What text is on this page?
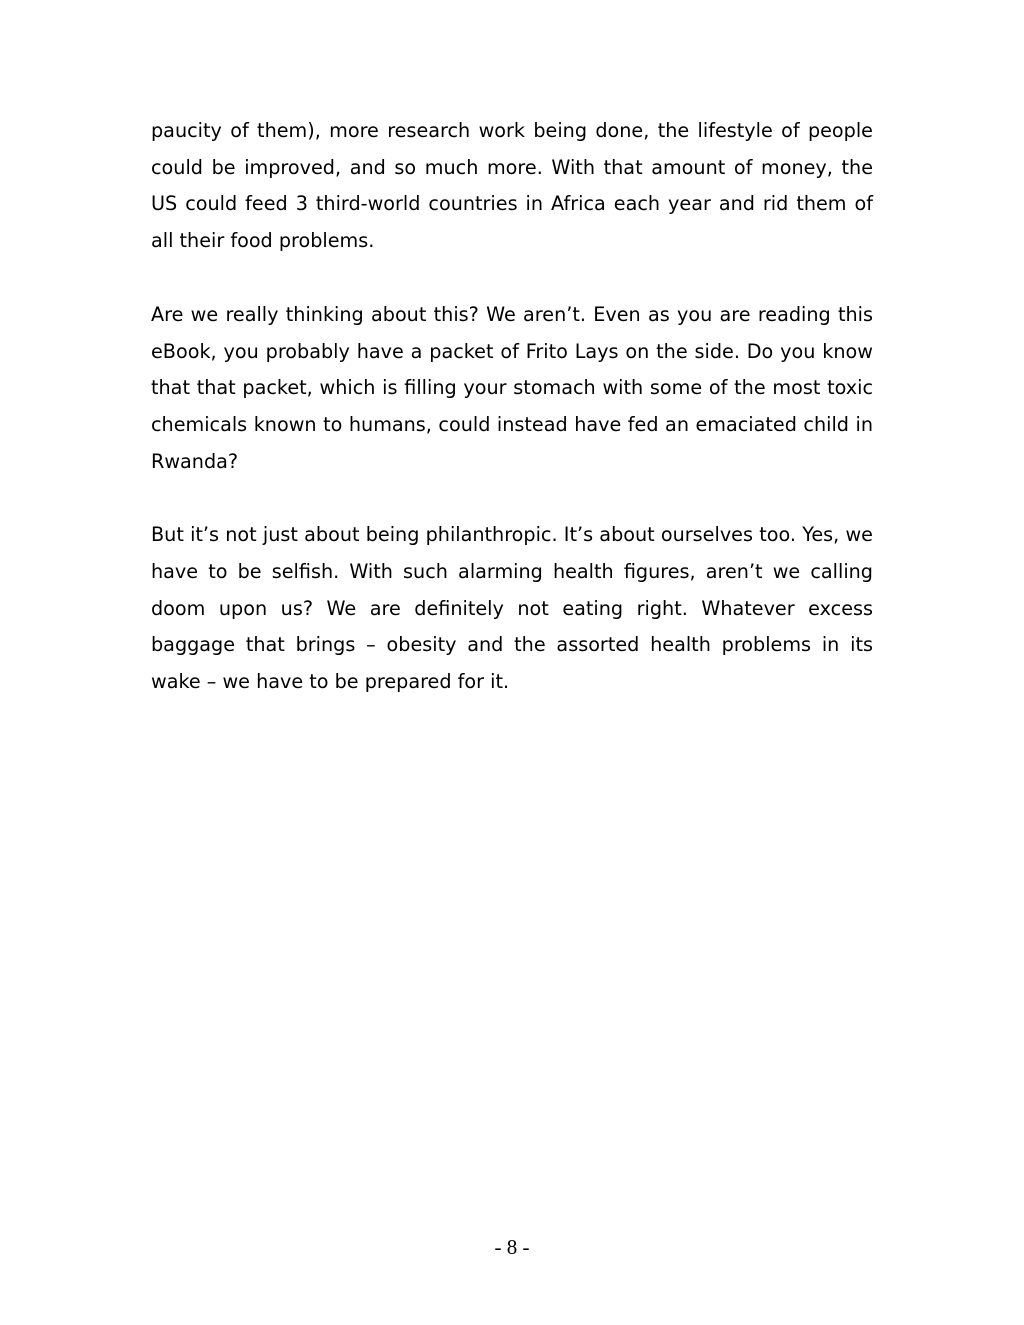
paucity of them), more research work being done, the lifestyle of people could be improved, and so much more. With that amount of money, the US could feed 3 third-world countries in Africa each year and rid them of all their food problems.

Are we really thinking about this? We aren’t. Even as you are reading this eBook, you probably have a packet of Frito Lays on the side. Do you know that that packet, which is filling your stomach with some of the most toxic chemicals known to humans, could instead have fed an emaciated child in Rwanda?

But it’s not just about being philanthropic. It’s about ourselves too. Yes, we have to be selfish. With such alarming health figures, aren’t we calling doom upon us? We are definitely not eating right. Whatever excess baggage that brings – obesity and the assorted health problems in its wake – we have to be prepared for it.

- 8 -
